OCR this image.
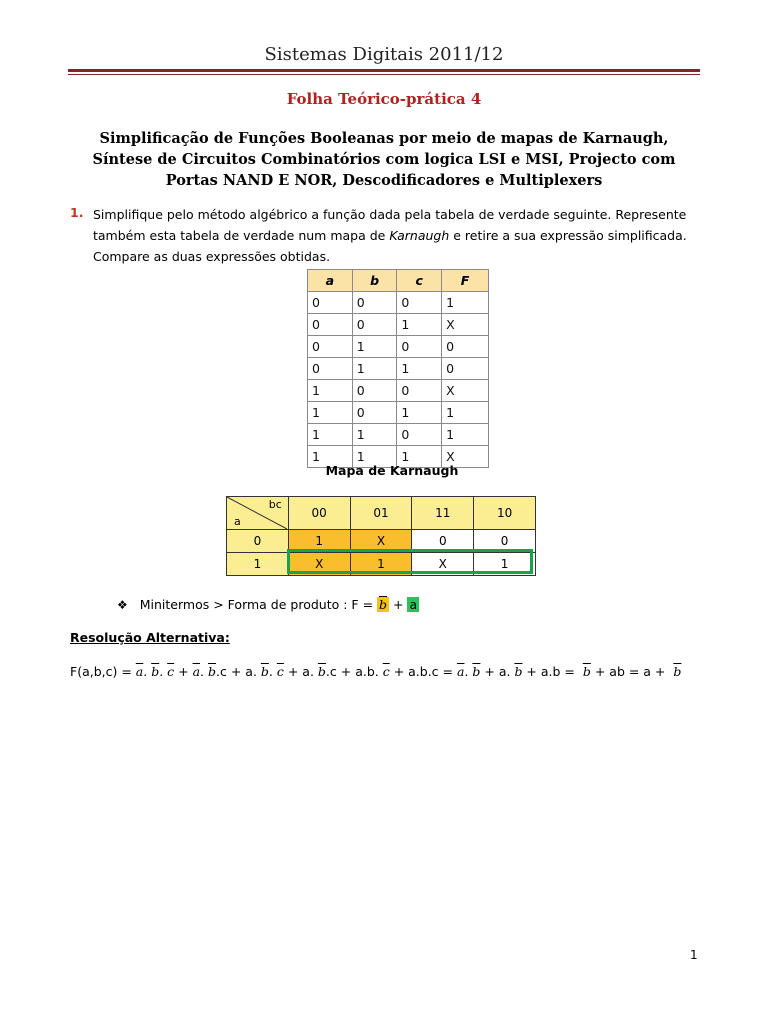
Sistemas Digitais 2011/12
Folha Teórico-prática 4
Simplificação de Funções Booleanas por meio de mapas de Karnaugh,
Síntese de Circuitos Combinatórios com logica LSI e MSI, Projecto com
Portas NAND E NOR, Descodificadores e Multiplexers
1. Simplifique pelo método algébrico a função dada pela tabela de verdade seguinte. Represente
também esta tabela de verdade num mapa de Karnaugh e retire a sua expressão simplificada.
Compare as duas expressões obtidas.
a	b	c	F
0	0	0	1
0	0	1	X
0	1	0	0
0	1	1	0
1	0	0	X
1	0	1	1
1	1	0	1
1	1	1	X
Mapa de Karnaugh
bc
a	00	01	11	10
0	1	X	0	0
1	X	1	X	1
❖ Minitermos > Forma de produto : $F = \overline{b} + a$
Resolução Alternativa:
$F(a,b,c) = \overline{a}$. $\overline{b}$. $\overline{c} + \overline{a}$. $\overline{b}.c + a$. $\overline{b}$. $\overline{c} + a$. $\overline{b}.c + a.b$. $\overline{c} + a.b.c = \overline{a}$. $\overline{b} + a$. $\overline{b} + a.b = \overline{b}$ + ab = $a + \overline{b}$
1
